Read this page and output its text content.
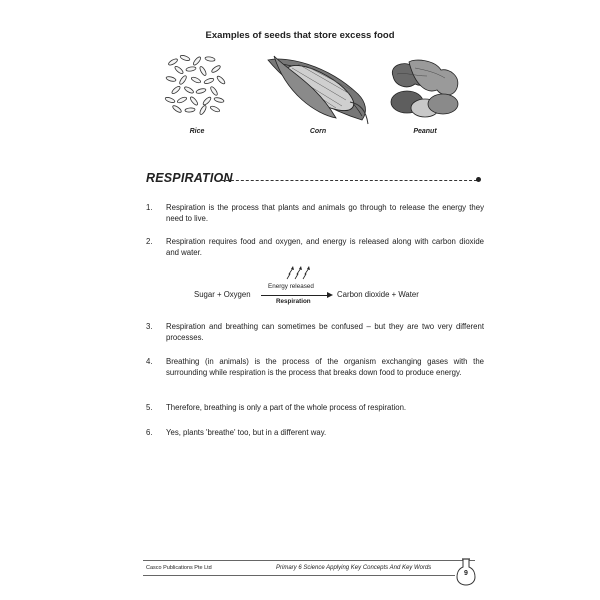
Examples of seeds that store excess food
Rice	Corn	Peanut
RESPIRATION
1. Respiration is the process that plants and animals go through to release the energy they need to live.
2. Respiration requires food and oxygen, and energy is released along with carbon dioxide and water.
Sugar + Oxygen
Energy released
Respiration
Carbon dioxide + Water
3. Respiration and breathing can sometimes be confused – but they are two very different processes.
4. Breathing (in animals) is the process of the organism exchanging gases with the surrounding while respiration is the process that breaks down food to produce energy.
5. Therefore, breathing is only a part of the whole process of respiration.
6. Yes, plants 'breathe' too, but in a different way.
Casco Publications Pte Ltd	Primary 6 Science Applying Key Concepts And Key Words
9
